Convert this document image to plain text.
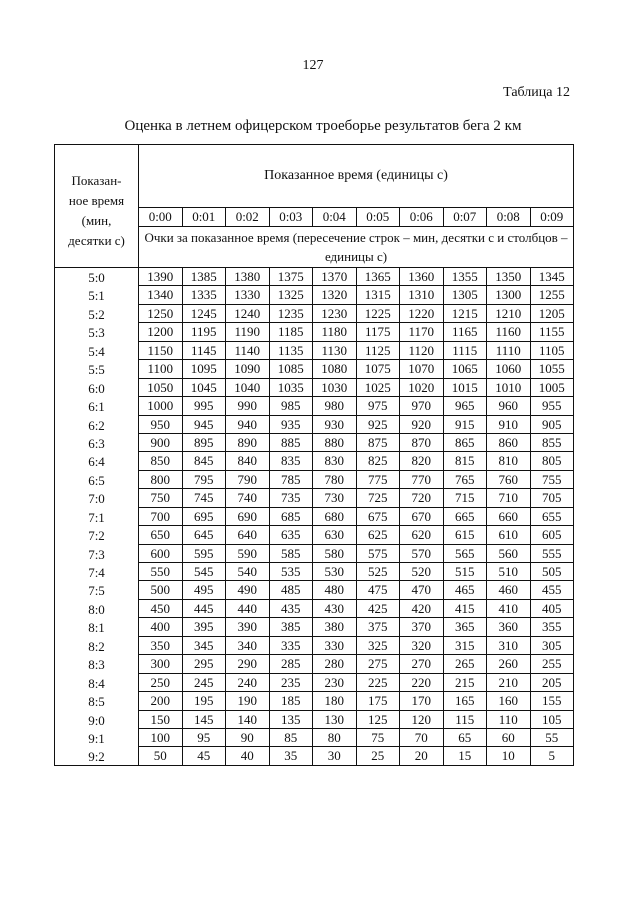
127
Таблица 12
Оценка в летнем офицерском троеборье результатов бега 2 км
Показан-
ное время
(мин,
десятки с)
Показанное время (единицы с)
0:00	0:01	0:02	0:03	0:04	0:05	0:06	0:07	0:08	0:09
Очки за показанное время (пересечение строк – мин, десятки с и столбцов – единицы с)
5:0	1390	1385	1380	1375	1370	1365	1360	1355	1350	1345
5:1	1340	1335	1330	1325	1320	1315	1310	1305	1300	1255
5:2	1250	1245	1240	1235	1230	1225	1220	1215	1210	1205
5:3	1200	1195	1190	1185	1180	1175	1170	1165	1160	1155
5:4	1150	1145	1140	1135	1130	1125	1120	1115	1110	1105
5:5	1100	1095	1090	1085	1080	1075	1070	1065	1060	1055
6:0	1050	1045	1040	1035	1030	1025	1020	1015	1010	1005
6:1	1000	995	990	985	980	975	970	965	960	955
6:2	950	945	940	935	930	925	920	915	910	905
6:3	900	895	890	885	880	875	870	865	860	855
6:4	850	845	840	835	830	825	820	815	810	805
6:5	800	795	790	785	780	775	770	765	760	755
7:0	750	745	740	735	730	725	720	715	710	705
7:1	700	695	690	685	680	675	670	665	660	655
7:2	650	645	640	635	630	625	620	615	610	605
7:3	600	595	590	585	580	575	570	565	560	555
7:4	550	545	540	535	530	525	520	515	510	505
7:5	500	495	490	485	480	475	470	465	460	455
8:0	450	445	440	435	430	425	420	415	410	405
8:1	400	395	390	385	380	375	370	365	360	355
8:2	350	345	340	335	330	325	320	315	310	305
8:3	300	295	290	285	280	275	270	265	260	255
8:4	250	245	240	235	230	225	220	215	210	205
8:5	200	195	190	185	180	175	170	165	160	155
9:0	150	145	140	135	130	125	120	115	110	105
9:1	100	95	90	85	80	75	70	65	60	55
9:2	50	45	40	35	30	25	20	15	10	5
